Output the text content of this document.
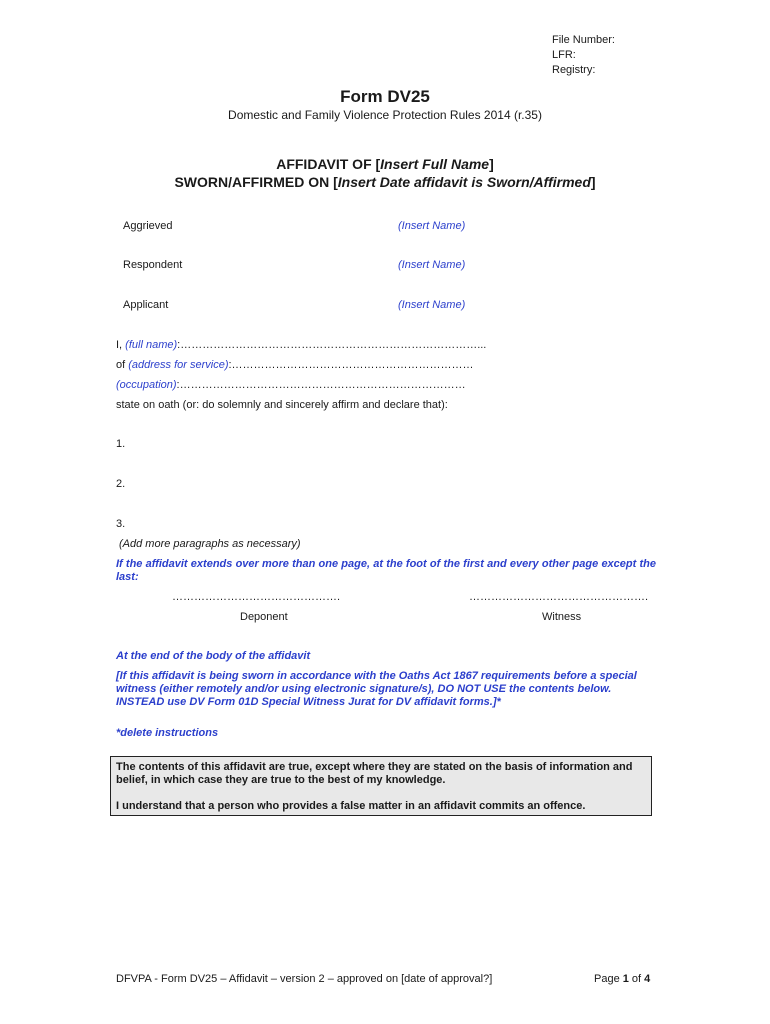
File Number:
LFR:
Registry:
Form DV25
Domestic and Family Violence Protection Rules 2014 (r.35)
AFFIDAVIT OF [Insert Full Name]
SWORN/AFFIRMED ON [Insert Date affidavit is Sworn/Affirmed]
Aggrieved	(Insert Name)
Respondent	(Insert Name)
Applicant	(Insert Name)
I, (full name):………………………………………………………………………...
of (address for service):…………………………………………………………
(occupation):……………………………………………………………………
state on oath (or: do solemnly and sincerely affirm and declare that):
1.
2.
3.
(Add more paragraphs as necessary)
If the affidavit extends over more than one page, at the foot of the first and every other page except the last:
……………………………………….
Deponent
………………………………………….
Witness
At the end of the body of the affidavit
[If this affidavit is being sworn in accordance with the Oaths Act 1867 requirements before a special witness (either remotely and/or using electronic signature/s), DO NOT USE the contents below. INSTEAD use DV Form 01D Special Witness Jurat for DV affidavit forms.]*
*delete instructions

The contents of this affidavit are true, except where they are stated on the basis of information and belief, in which case they are true to the best of my knowledge.

I understand that a person who provides a false matter in an affidavit commits an offence.

DFVPA - Form DV25 – Affidavit – version 2 – approved on [date of approval?]	Page 1 of 4
